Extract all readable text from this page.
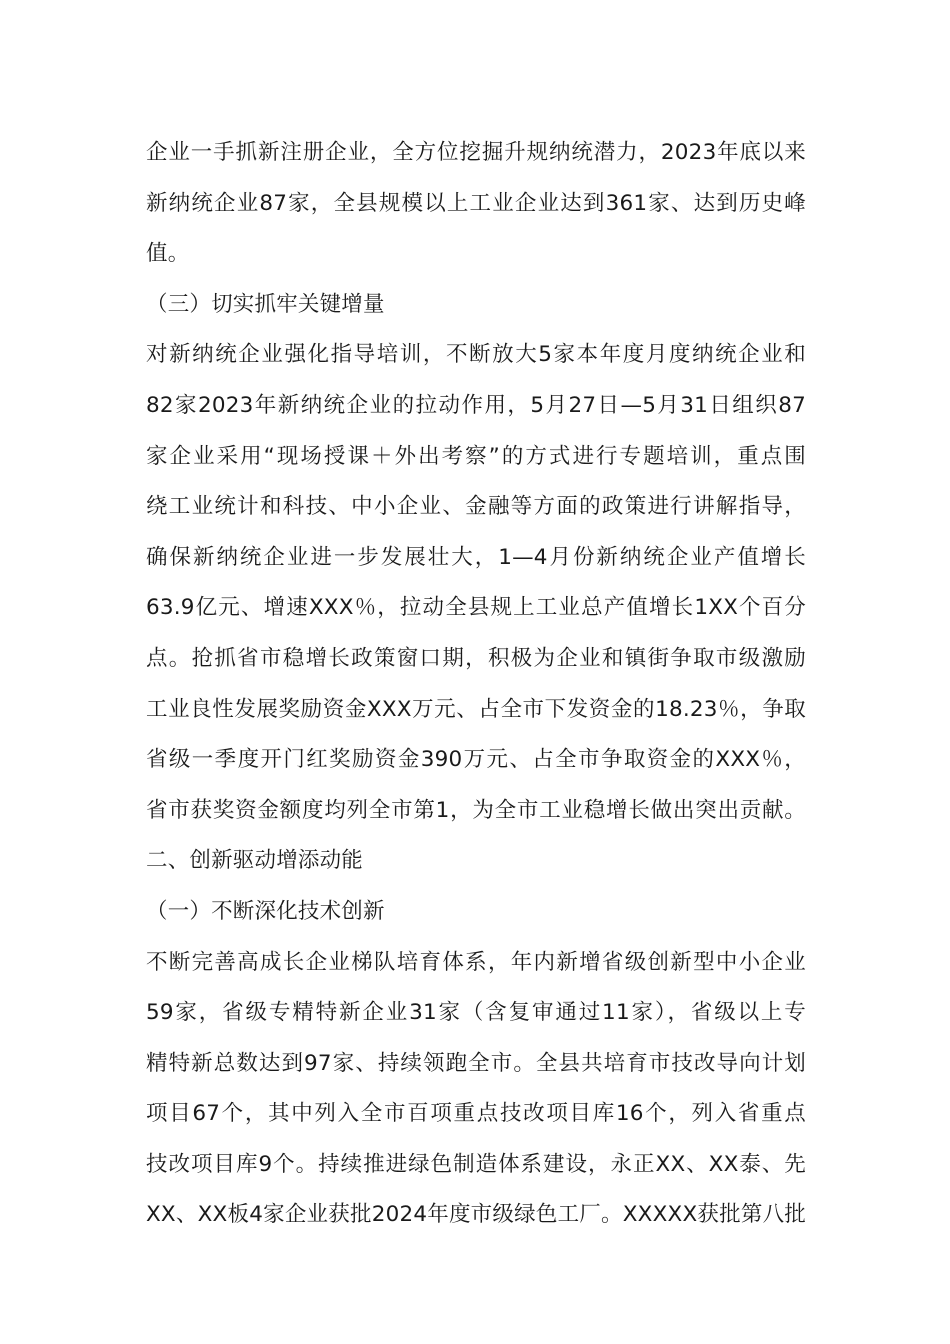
企业一手抓新注册企业，全方位挖掘升规纳统潜力，2023年底以来
新纳统企业87家，全县规模以上工业企业达到361家、达到历史峰
值。
（三）切实抓牢关键增量
对新纳统企业强化指导培训，不断放大5家本年度月度纳统企业和
82家2023年新纳统企业的拉动作用，5月27日—5月31日组织87
家企业采用“现场授课＋外出考察”的方式进行专题培训，重点围
绕工业统计和科技、中小企业、金融等方面的政策进行讲解指导，
确保新纳统企业进一步发展壮大，1—4月份新纳统企业产值增长
63.9亿元、增速XXX％，拉动全县规上工业总产值增长1XX个百分
点。抢抓省市稳增长政策窗口期，积极为企业和镇街争取市级激励
工业良性发展奖励资金XXX万元、占全市下发资金的18.23％，争取
省级一季度开门红奖励资金390万元、占全市争取资金的XXX％，
省市获奖资金额度均列全市第1，为全市工业稳增长做出突出贡献。
二、创新驱动增添动能
（一）不断深化技术创新
不断完善高成长企业梯队培育体系，年内新增省级创新型中小企业
59家，省级专精特新企业31家（含复审通过11家），省级以上专
精特新总数达到97家、持续领跑全市。全县共培育市技改导向计划
项目67个，其中列入全市百项重点技改项目库16个，列入省重点
技改项目库9个。持续推进绿色制造体系建设，永正XX、XX泰、先
XX、XX板4家企业获批2024年度市级绿色工厂。XXXXX获批第八批
